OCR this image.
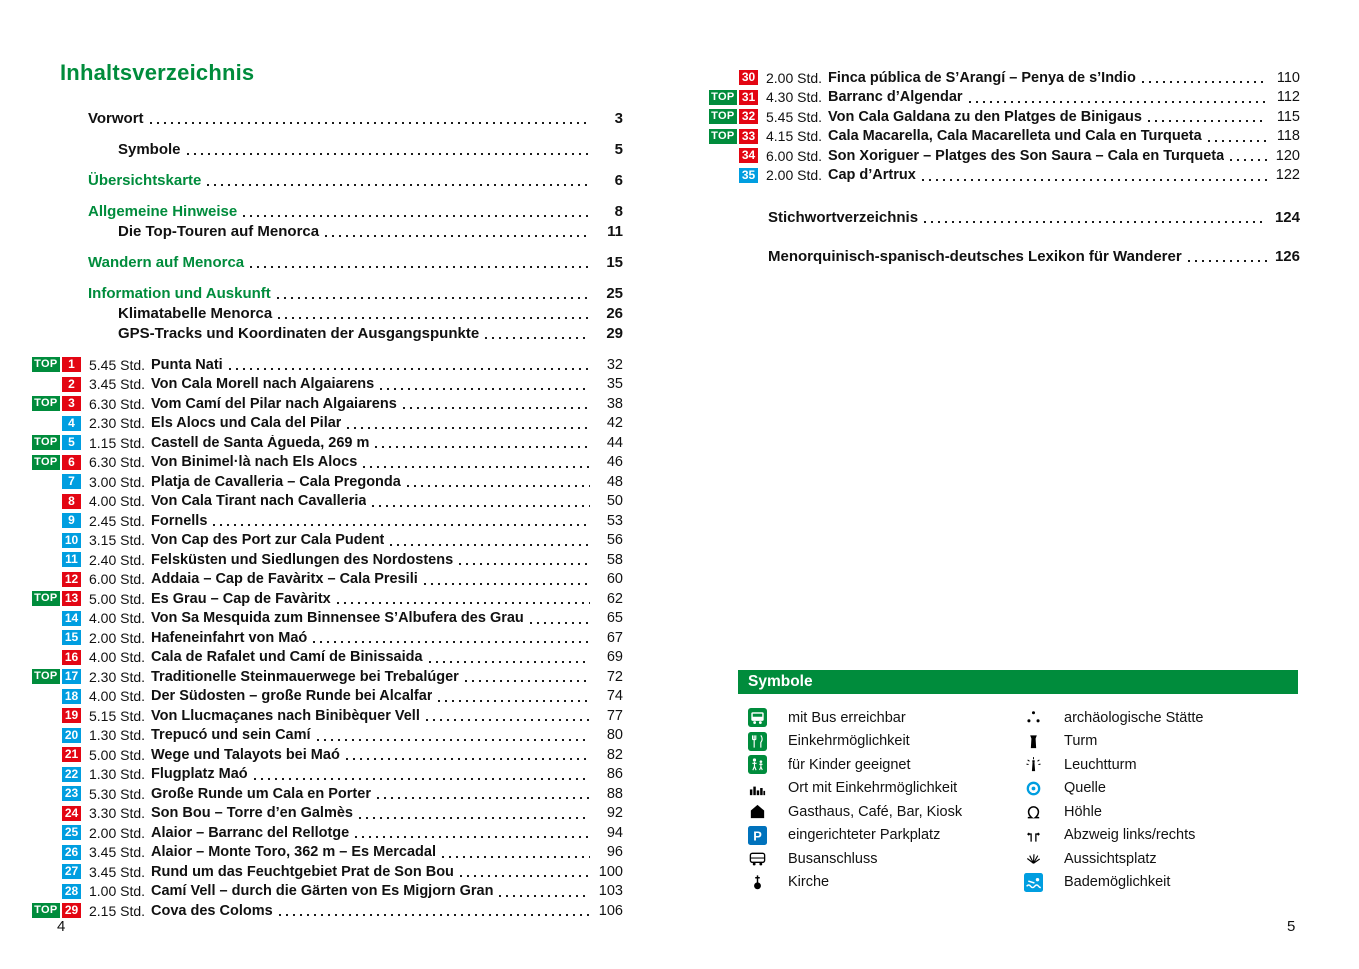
Inhaltsverzeichnis
Vorwort	3
Symbole	5
Übersichtskarte	6
Allgemeine Hinweise	8
Die Top-Touren auf Menorca	11
Wandern auf Menorca	15
Information und Auskunft	25
Klimatabelle Menorca	26
GPS-Tracks und Koordinaten der Ausgangspunkte	29
TOP 1	5.45 Std. Punta Nati	32
2	3.45 Std. Von Cala Morell nach Algaiarens	35
TOP 3	6.30 Std. Vom Camí del Pilar nach Algaiarens	38
4	2.30 Std. Els Alocs und Cala del Pilar	42
TOP 5	1.15 Std. Castell de Santa Àgueda, 269 m	44
TOP 6	6.30 Std. Von Binimel·là nach Els Alocs	46
7	3.00 Std. Platja de Cavalleria – Cala Pregonda	48
8	4.00 Std. Von Cala Tirant nach Cavalleria	50
9	2.45 Std. Fornells	53
10 3.15 Std. Von Cap des Port zur Cala Pudent	56
11 2.40 Std. Felsküsten und Siedlungen des Nordostens	58
12 6.00 Std. Addaia – Cap de Favàritx – Cala Presili	60
TOP 13 5.00 Std. Es Grau – Cap de Favàritx	62
14 4.00 Std. Von Sa Mesquida zum Binnensee S’Albufera des Grau	65
15 2.00 Std. Hafeneinfahrt von Maó	67
16 4.00 Std. Cala de Rafalet und Camí de Binissaida	69
TOP 17 2.30 Std. Traditionelle Steinmauerwege bei Trebalúger	72
18 4.00 Std. Der Südosten – große Runde bei Alcalfar	74
19 5.15 Std. Von Llucmaçanes nach Binibèquer Vell	77
20 1.30 Std. Trepucó und sein Camí	80
21 5.00 Std. Wege und Talayots bei Maó	82
22 1.30 Std. Flugplatz Maó	86
23 5.30 Std. Große Runde um Cala en Porter	88
24 3.30 Std. Son Bou – Torre d’en Galmès	92
25 2.00 Std. Alaior – Barranc del Rellotge	94
26 3.45 Std. Alaior – Monte Toro, 362 m – Es Mercadal	96
27 3.45 Std. Rund um das Feuchtgebiet Prat de Son Bou	100
28 1.00 Std. Camí Vell – durch die Gärten von Es Migjorn Gran	103
TOP 29 2.15 Std. Cova des Coloms	106
30 2.00 Std. Finca pública de S’Arangí – Penya de s’Indio	110
TOP 31 4.30 Std. Barranc d’Algendar	112
TOP 32 5.45 Std. Von Cala Galdana zu den Platges de Binigaus	115
TOP 33 4.15 Std. Cala Macarella, Cala Macarelleta und Cala en Turqueta	118
34 6.00 Std. Son Xoriguer – Platges des Son Saura – Cala en Turqueta	120
35 2.00 Std. Cap d’Artrux	122
Stichwortverzeichnis	124
Menorquinisch-spanisch-deutsches Lexikon für Wanderer	126
Symbole
mit Bus erreichbar
Einkehrmöglichkeit
für Kinder geeignet
Ort mit Einkehrmöglichkeit
Gasthaus, Café, Bar, Kiosk
P eingerichteter Parkplatz
Busanschluss
Kirche
archäologische Stätte
Turm
Leuchtturm
Quelle
Höhle
Abzweig links/rechts
Aussichtsplatz
Bademöglichkeit
4	5
